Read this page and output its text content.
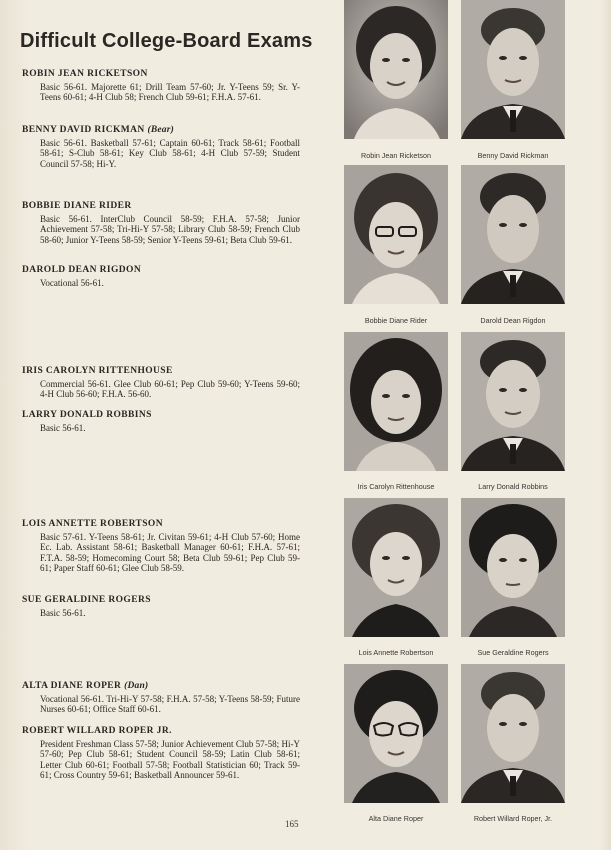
Difficult College-Board Exams
ROBIN JEAN RICKETSON
Basic 56-61. Majorette 61; Drill Team 57-60; Jr. Y-Teens 59; Sr. Y-Teens 60-61; 4-H Club 58; French Club 59-61; F.H.A. 57-61.
BENNY DAVID RICKMAN (Bear)
Basic 56-61. Basketball 57-61; Captain 60-61; Track 58-61; Football 58-61; S-Club 58-61; Key Club 58-61; 4-H Club 57-59; Student Council 57-58; Hi-Y.
BOBBIE DIANE RIDER
Basic 56-61. InterClub Council 58-59; F.H.A. 57-58; Junior Achievement 57-58; Tri-Hi-Y 57-58; Library Club 58-59; French Club 58-60; Junior Y-Teens 58-59; Senior Y-Teens 59-61; Beta Club 59-61.
DAROLD DEAN RIGDON
Vocational 56-61.
IRIS CAROLYN RITTENHOUSE
Commercial 56-61. Glee Club 60-61; Pep Club 59-60; Y-Teens 59-60; 4-H Club 56-60; F.H.A. 56-60.
LARRY DONALD ROBBINS
Basic 56-61.
LOIS ANNETTE ROBERTSON
Basic 57-61. Y-Teens 58-61; Jr. Civitan 59-61; 4-H Club 57-60; Home Ec. Lab. Assistant 58-61; Basketball Manager 60-61; F.H.A. 57-61; F.T.A. 58-59; Homecoming Court 58; Beta Club 59-61; Pep Club 59-61; Paper Staff 60-61; Glee Club 58-59.
SUE GERALDINE ROGERS
Basic 56-61.
ALTA DIANE ROPER (Dan)
Vocational 56-61. Tri-Hi-Y 57-58; F.H.A. 57-58; Y-Teens 58-59; Future Nurses 60-61; Office Staff 60-61.
ROBERT WILLARD ROPER JR.
President Freshman Class 57-58; Junior Achievement Club 57-58; Hi-Y 57-60; Pep Club 58-61; Student Council 58-59; Latin Club 58-61; Letter Club 60-61; Football 57-58; Football Statistician 60; Track 59-61; Cross Country 59-61; Basketball Announcer 59-61.
Robin Jean Ricketson	Benny David Rickman
Bobbie Diane Rider	Darold Dean Rigdon
Iris Carolyn Rittenhouse	Larry Donald Robbins
Lois Annette Robertson	Sue Geraldine Rogers
Alta Diane Roper	Robert Willard Roper, Jr.
165
